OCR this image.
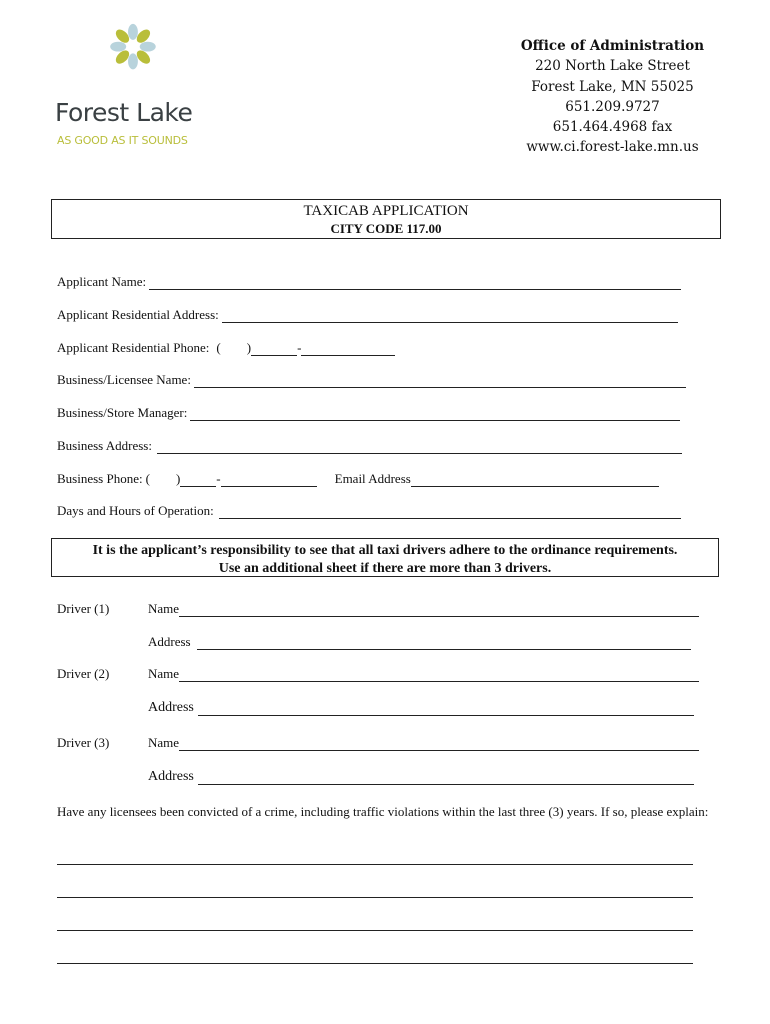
Forest Lake
AS GOOD AS IT SOUNDS
Office of Administration
220 North Lake Street
Forest Lake, MN 55025
651.209.9727
651.464.4968 fax
www.ci.forest-lake.mn.us
TAXICAB APPLICATION
CITY CODE 117.00
Applicant Name:
Applicant Residential Address:
Applicant Residential Phone: ( )	-
Business/Licensee Name:
Business/Store Manager:
Business Address:
Business Phone: ( )	-	Email Address
Days and Hours of Operation:
It is the applicant’s responsibility to see that all taxi drivers adhere to the ordinance requirements.
Use an additional sheet if there are more than 3 drivers.
Driver (1)	Name
Address
Driver (2)	Name
Address
Driver (3)	Name
Address
Have any licensees been convicted of a crime, including traffic violations within the last three (3) years. If so, please explain:
